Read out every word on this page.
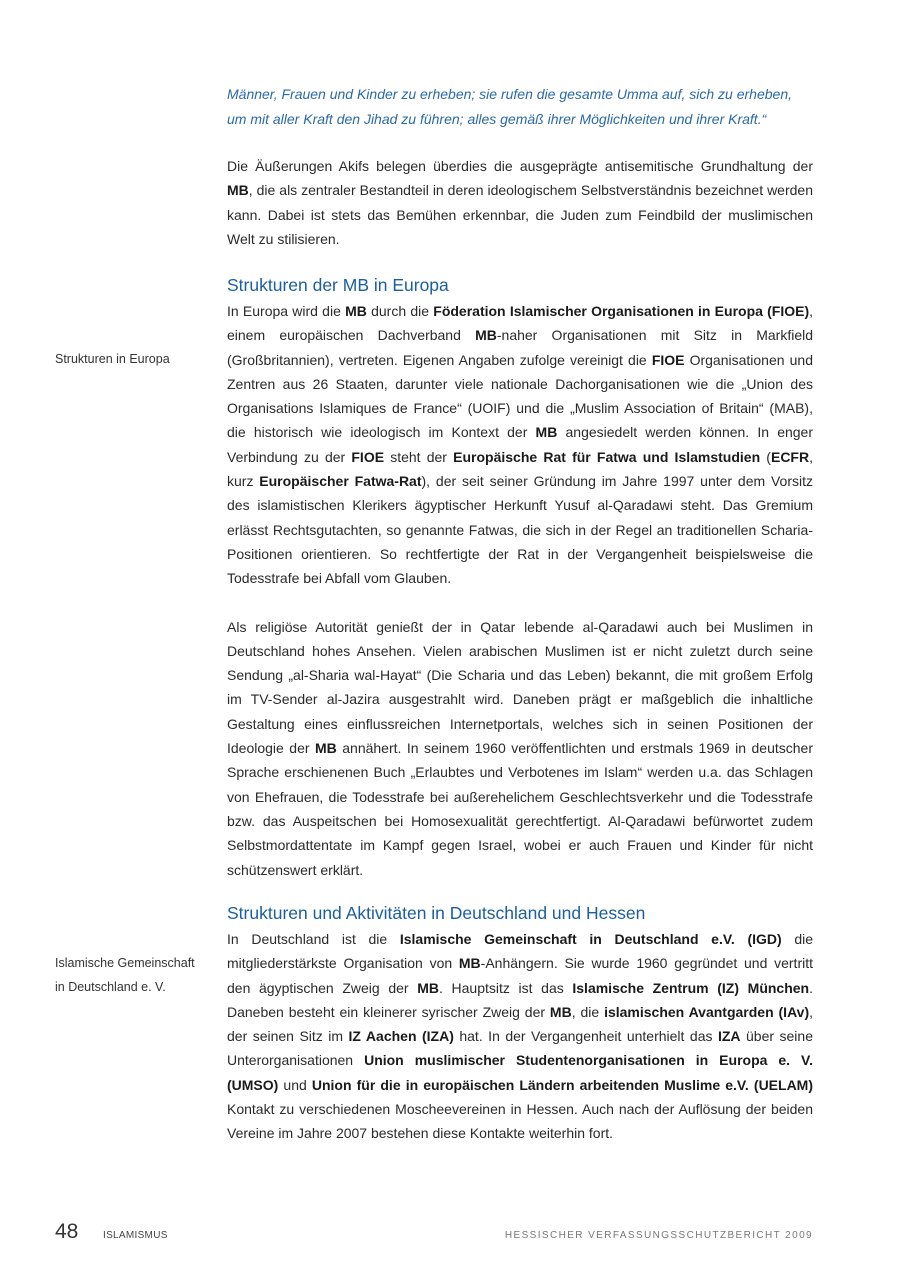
Männer, Frauen und Kinder zu erheben; sie rufen die gesamte Umma auf, sich zu erheben,
um mit aller Kraft den Jihad zu führen; alles gemäß ihrer Möglichkeiten und ihrer Kraft.“

Die Äußerungen Akifs belegen überdies die ausgeprägte antisemitische Grundhaltung der MB, die als zentraler Bestandteil in deren ideologischem Selbstverständnis bezeichnet werden kann. Dabei ist stets das Bemühen erkennbar, die Juden zum Feindbild der muslimischen Welt zu stilisieren.

Strukturen der MB in Europa

In Europa wird die MB durch die Föderation Islamischer Organisationen in Europa (FIOE), einem europäischen Dachverband MB-naher Organisationen mit Sitz in Markfield (Großbritannien), vertreten. Eigenen Angaben zufolge vereinigt die FIOE Organisationen und Zentren aus 26 Staaten, darunter viele nationale Dachorganisationen wie die „Union des Organisations Islamiques de France“ (UOIF) und die „Muslim Association of Britain“ (MAB), die historisch wie ideologisch im Kontext der MB angesiedelt werden können. In enger Verbindung zu der FIOE steht der Europäische Rat für Fatwa und Islamstudien (ECFR, kurz Europäischer Fatwa-Rat), der seit seiner Gründung im Jahre 1997 unter dem Vorsitz des islamistischen Klerikers ägyptischer Herkunft Yusuf al-Qaradawi steht. Das Gremium erlässt Rechtsgutachten, so genannte Fatwas, die sich in der Regel an traditionellen Scharia-Positionen orientieren. So rechtfertigte der Rat in der Vergangenheit beispielsweise die Todesstrafe bei Abfall vom Glauben.

Als religiöse Autorität genießt der in Qatar lebende al-Qaradawi auch bei Muslimen in Deutschland hohes Ansehen. Vielen arabischen Muslimen ist er nicht zuletzt durch seine Sendung „al-Sharia wal-Hayat“ (Die Scharia und das Leben) bekannt, die mit großem Erfolg im TV-Sender al-Jazira ausgestrahlt wird. Daneben prägt er maßgeblich die inhaltliche Gestaltung eines einflussreichen Internetportals, welches sich in seinen Positionen der Ideologie der MB annähert. In seinem 1960 veröffentlichten und erstmals 1969 in deutscher Sprache erschienenen Buch „Erlaubtes und Verbotenes im Islam“ werden u.a. das Schlagen von Ehefrauen, die Todesstrafe bei außerehelichem Geschlechtsverkehr und die Todesstrafe bzw. das Auspeitschen bei Homosexualität gerechtfertigt. Al-Qaradawi befürwortet zudem Selbstmordattentate im Kampf gegen Israel, wobei er auch Frauen und Kinder für nicht schützenswert erklärt.

Strukturen in Europa
Strukturen und Aktivitäten in Deutschland und Hessen

In Deutschland ist die Islamische Gemeinschaft in Deutschland e.V. (IGD) die mitgliederstärkste Organisation von MB-Anhängern. Sie wurde 1960 gegründet und vertritt den ägyptischen Zweig der MB. Hauptsitz ist das Islamische Zentrum (IZ) München. Daneben besteht ein kleinerer syrischer Zweig der MB, die islamischen Avantgarden (IAv), der seinen Sitz im IZ Aachen (IZA) hat. In der Vergangenheit unterhielt das IZA über seine Unterorganisationen Union muslimischer Studentenorganisationen in Europa e. V. (UMSO) und Union für die in europäischen Ländern arbeitenden Muslime e.V. (UELAM) Kontakt zu verschiedenen Moscheevereinen in Hessen. Auch nach der Auflösung der beiden Vereine im Jahre 2007 bestehen diese Kontakte weiterhin fort.

Islamische Gemeinschaft
in Deutschland e. V.
48 ISLAMISMUS	HESSISCHER VERFASSUNGSSCHUTZBERICHT 2009
